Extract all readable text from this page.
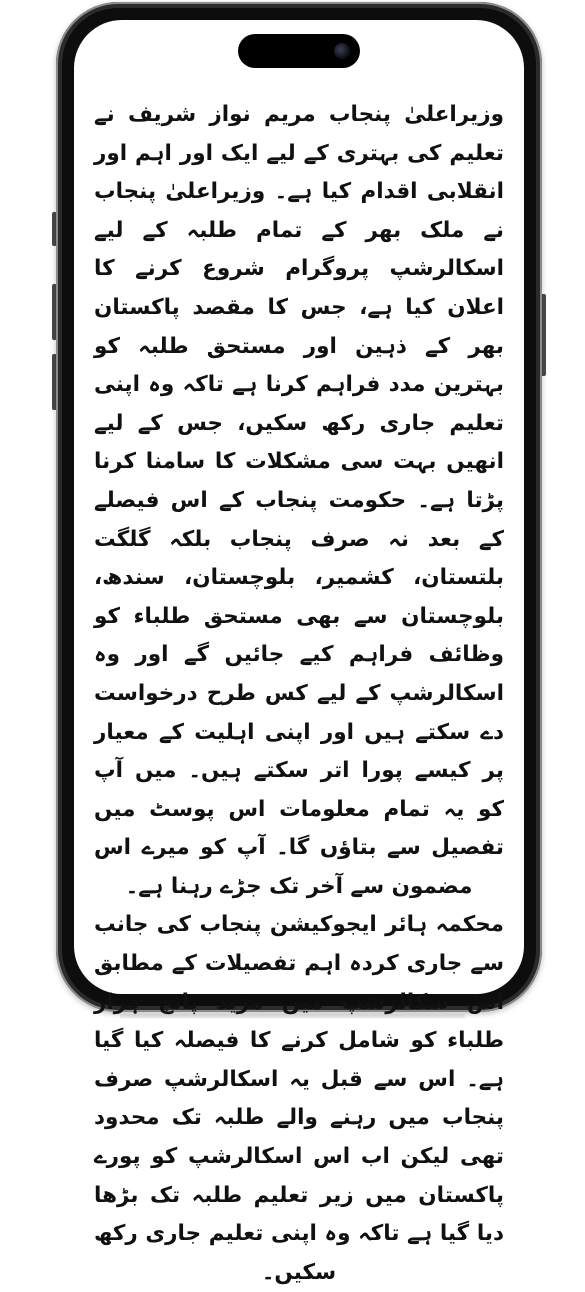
وزیراعلیٰ پنجاب مریم نواز شریف نے تعلیم کی بہتری کے لیے ایک اور اہم اور انقلابی اقدام کیا ہے۔ وزیراعلیٰ پنجاب نے ملک بھر کے تمام طلبہ کے لیے اسکالرشپ پروگرام شروع کرنے کا اعلان کیا ہے، جس کا مقصد پاکستان بھر کے ذہین اور مستحق طلبہ کو بہترین مدد فراہم کرنا ہے تاکہ وہ اپنی تعلیم جاری رکھ سکیں، جس کے لیے انھیں بہت سی مشکلات کا سامنا کرنا پڑتا ہے۔ حکومت پنجاب کے اس فیصلے کے بعد نہ صرف پنجاب بلکہ گلگت بلتستان، کشمیر، بلوچستان، سندھ، بلوچستان سے بھی مستحق طلباء کو وظائف فراہم کیے جائیں گے اور وہ اسکالرشپ کے لیے کس طرح درخواست دے سکتے ہیں اور اپنی اہلیت کے معیار پر کیسے پورا اتر سکتے ہیں۔ میں آپ کو یہ تمام معلومات اس پوسٹ میں تفصیل سے بتاؤں گا۔ آپ کو میرے اس مضمون سے آخر تک جڑے رہنا ہے۔

محکمہ ہائر ایجوکیشن پنجاب کی جانب سے جاری کردہ اہم تفصیلات کے مطابق اس سکالرشپ میں مزید پانچ ہزار طلباء کو شامل کرنے کا فیصلہ کیا گیا ہے۔ اس سے قبل یہ اسکالرشپ صرف پنجاب میں رہنے والے طلبہ تک محدود تھی لیکن اب اس اسکالرشپ کو پورے پاکستان میں زیر تعلیم طلبہ تک بڑھا دیا گیا ہے تاکہ وہ اپنی تعلیم جاری رکھ سکیں۔
